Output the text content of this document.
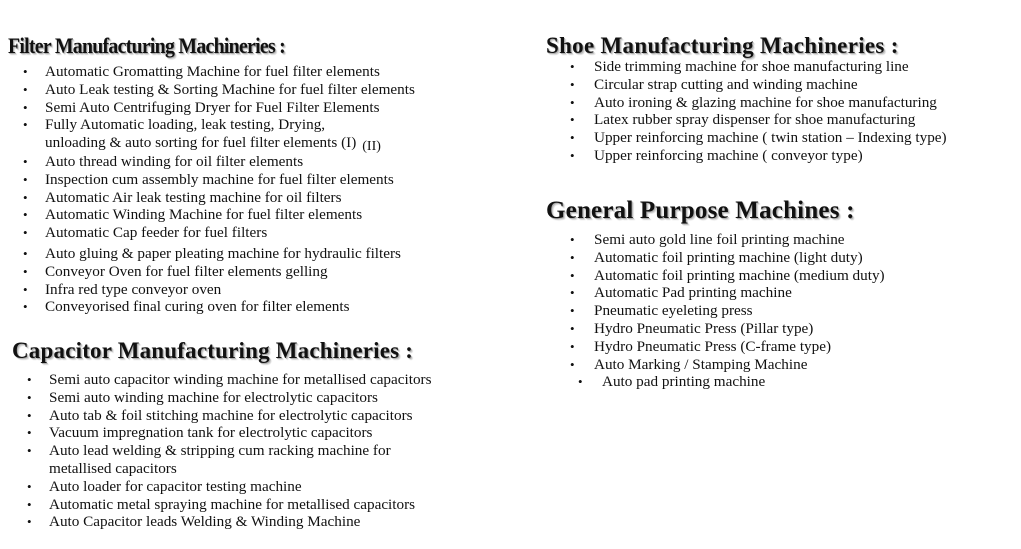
Filter Manufacturing Machineries :
• Automatic Gromatting Machine for fuel filter elements
• Auto Leak testing & Sorting Machine for fuel filter elements
• Semi Auto Centrifuging Dryer for Fuel Filter Elements
• Fully Automatic loading, leak testing, Drying,
unloading & auto sorting for fuel filter elements (I) (II)
• Auto thread winding for oil filter elements
• Inspection cum assembly machine for fuel filter elements
• Automatic Air leak testing machine for oil filters
• Automatic Winding Machine for fuel filter elements
• Automatic Cap feeder for fuel filters
• Auto gluing & paper pleating machine for hydraulic filters
• Conveyor Oven for fuel filter elements gelling
• Infra red type conveyor oven
• Conveyorised final curing oven for filter elements
Capacitor Manufacturing Machineries :
• Semi auto capacitor winding machine for metallised capacitors
• Semi auto winding machine for electrolytic capacitors
• Auto tab & foil stitching machine for electrolytic capacitors
• Vacuum impregnation tank for electrolytic capacitors
• Auto lead welding & stripping cum racking machine for
metallised capacitors
• Auto loader for capacitor testing machine
• Automatic metal spraying machine for metallised capacitors
• Auto Capacitor leads Welding & Winding Machine
Shoe Manufacturing Machineries :
• Side trimming machine for shoe manufacturing line
• Circular strap cutting and winding machine
• Auto ironing & glazing machine for shoe manufacturing
• Latex rubber spray dispenser for shoe manufacturing
• Upper reinforcing machine ( twin station – Indexing type)
• Upper reinforcing machine ( conveyor type)
General Purpose Machines :
• Semi auto gold line foil printing machine
• Automatic foil printing machine (light duty)
• Automatic foil printing machine (medium duty)
• Automatic Pad printing machine
• Pneumatic eyeleting press
• Hydro Pneumatic Press (Pillar type)
• Hydro Pneumatic Press (C-frame type)
• Auto Marking / Stamping Machine
• Auto pad printing machine
